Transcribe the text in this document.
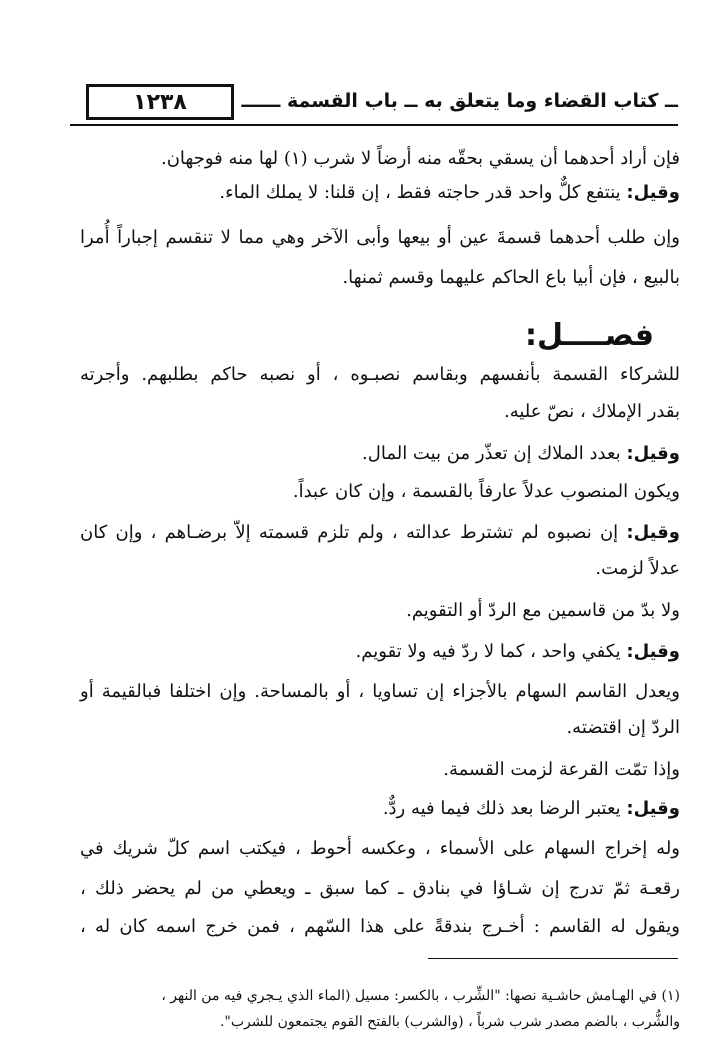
١٢٣٨	ــ كتاب القضاء وما يتعلق به ــ باب القسمة ــــــ
فإن أراد أحدهما أن يسقي بحقّه منه أرضاً لا شرب (١) لها منه فوجهان.
وقيل: ينتفع كلٌّ واحد قدر حاجته فقط ، إن قلنا: لا يملك الماء.
وإن طلب أحدهما قسمةَ عين أو بيعها وأبى الآخر وهي مما لا تنقسم إجباراً أُمرا
بالبيع ، فإن أبيا باع الحاكم عليهما وقسم ثمنها.
فصــــل:
للشركاء القسمة بأنفسهم وبقاسم نصبـوه ، أو نصبه حاكم بطلبهم. وأجرته
بقدر الإملاك ، نصّ عليه.
وقيل: بعدد الملاك إن تعذّر من بيت المال.
ويكون المنصوب عدلاً عارفاً بالقسمة ، وإن كان عبداً.
وقيل: إن نصبوه لم تشترط عدالته ، ولم تلزم قسمته إلاّ برضـاهم ، وإن كان
عدلاً لزمت.
ولا بدّ من قاسمين مع الردّ أو التقويم.
وقيل: يكفي واحد ، كما لا ردّ فيه ولا تقويم.
ويعدل القاسم السهام بالأجزاء إن تساويا ، أو بالمساحة. وإن اختلفا فبالقيمة أو
الردّ إن اقتضته.
وإذا تمّت القرعة لزمت القسمة.
وقيل: يعتبر الرضا بعد ذلك فيما فيه ردٌّ.
وله إخراج السهام على الأسماء ، وعكسه أحوط ، فيكتب اسم كلّ شريك في
رقعـة ثمّ تدرج إن شـاؤا في بنادق ـ كما سبق ـ ويعطي من لم يحضر ذلك ،
ويقول له القاسم : أخـرج بندقةً على هذا السّهم ، فمن خرج اسمه كان له ،
(١) في الهـامش حاشـية نصها: "الشِّرب ، بالكسر: مسيل (الماء الذي يـجري فيه من النهر ،
والشُّرب ، بالضم مصدر شرب شرباً ، (والشرب) بالفتح القوم يجتمعون للشرب".
